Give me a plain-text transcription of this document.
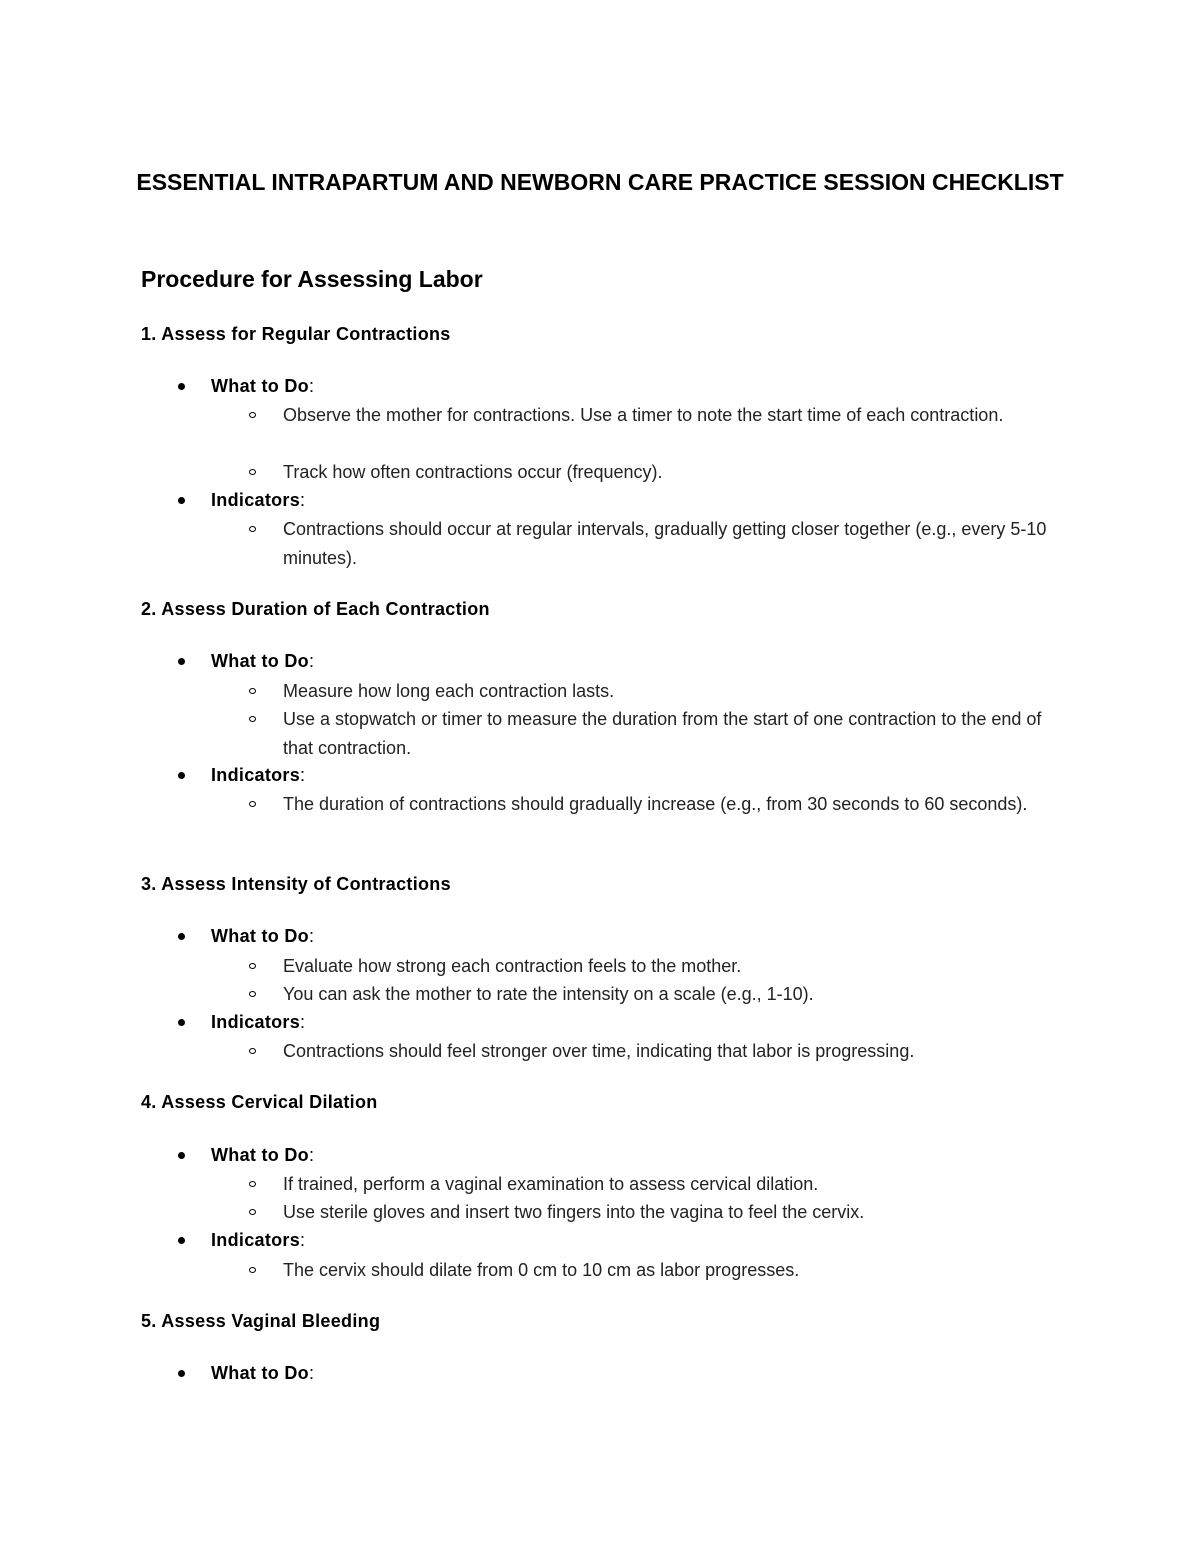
ESSENTIAL INTRAPARTUM AND NEWBORN CARE PRACTICE SESSION CHECKLIST
Procedure for Assessing Labor
1. Assess for Regular Contractions
What to Do:
Observe the mother for contractions. Use a timer to note the start time of each contraction.
Track how often contractions occur (frequency).
Indicators:
Contractions should occur at regular intervals, gradually getting closer together (e.g., every 5-10 minutes).
2. Assess Duration of Each Contraction
What to Do:
Measure how long each contraction lasts.
Use a stopwatch or timer to measure the duration from the start of one contraction to the end of that contraction.
Indicators:
The duration of contractions should gradually increase (e.g., from 30 seconds to 60 seconds).
3. Assess Intensity of Contractions
What to Do:
Evaluate how strong each contraction feels to the mother.
You can ask the mother to rate the intensity on a scale (e.g., 1-10).
Indicators:
Contractions should feel stronger over time, indicating that labor is progressing.
4. Assess Cervical Dilation
What to Do:
If trained, perform a vaginal examination to assess cervical dilation.
Use sterile gloves and insert two fingers into the vagina to feel the cervix.
Indicators:
The cervix should dilate from 0 cm to 10 cm as labor progresses.
5. Assess Vaginal Bleeding
What to Do:
